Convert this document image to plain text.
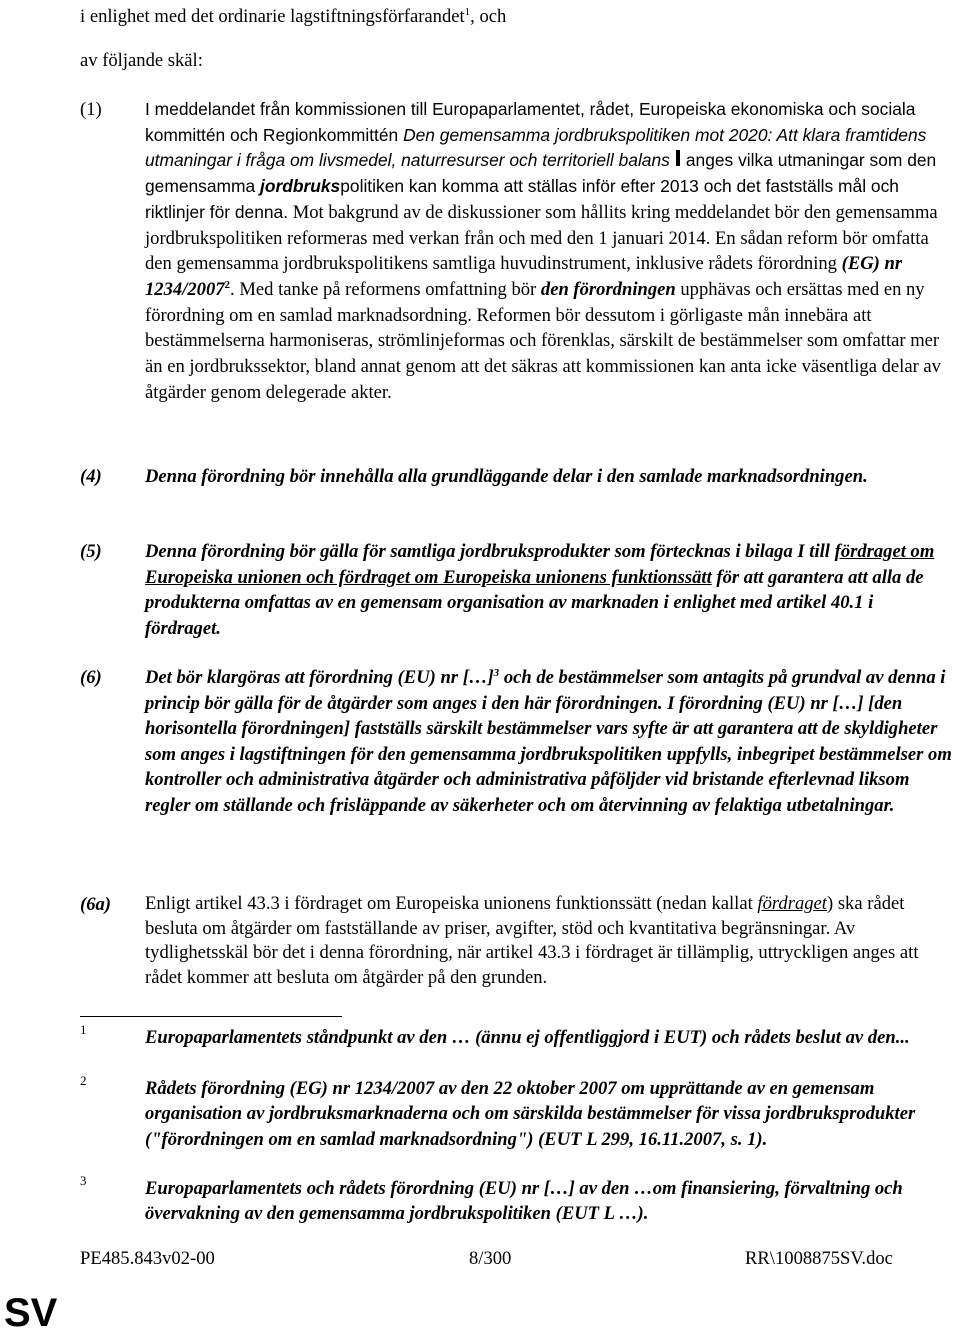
i enlighet med det ordinarie lagstiftningsförfarandet$^1$, och
av följande skäl:
(1) I meddelandet från kommissionen till Europaparlamentet, rådet, Europeiska ekonomiska och sociala kommittén och Regionkommittén Den gemensamma jordbrukspolitiken mot 2020: Att klara framtidens utmaningar i fråga om livsmedel, naturresurser och territoriell balans anges vilka utmaningar som den gemensamma jordbrukspolitiken kan komma att ställas inför efter 2013 och det fastställs mål och riktlinjer för denna. Mot bakgrund av de diskussioner som hållits kring meddelandet bör den gemensamma jordbrukspolitiken reformeras med verkan från och med den 1 januari 2014. En sådan reform bör omfatta den gemensamma jordbrukspolitikens samtliga huvudinstrument, inklusive rådets förordning (EG) nr 1234/2007$^2$. Med tanke på reformens omfattning bör den förordningen upphävas och ersättas med en ny förordning om en samlad marknadsordning. Reformen bör dessutom i görligaste mån innebära att bestämmelserna harmoniseras, strömlinjeformas och förenklas, särskilt de bestämmelser som omfattar mer än en jordbrukssektor, bland annat genom att det säkras att kommissionen kan anta icke väsentliga delar av åtgärder genom delegerade akter.
(4) Denna förordning bör innehålla alla grundläggande delar i den samlade marknadsordningen.
(5) Denna förordning bör gälla för samtliga jordbruksprodukter som förtecknas i bilaga I till fördraget om Europeiska unionen och fördraget om Europeiska unionens funktionssätt för att garantera att alla de produkterna omfattas av en gemensam organisation av marknaden i enlighet med artikel 40.1 i fördraget.
(6) Det bör klargöras att förordning (EU) nr […]$^3$ och de bestämmelser som antagits på grundval av denna i princip bör gälla för de åtgärder som anges i den här förordningen. I förordning (EU) nr […] [den horisontella förordningen] fastställs särskilt bestämmelser vars syfte är att garantera att de skyldigheter som anges i lagstiftningen för den gemensamma jordbrukspolitiken uppfylls, inbegripet bestämmelser om kontroller och administrativa åtgärder och administrativa påföljder vid bristande efterlevnad liksom regler om ställande och frisläppande av säkerheter och om återvinning av felaktiga utbetalningar.
(6a) Enligt artikel 43.3 i fördraget om Europeiska unionens funktionssätt (nedan kallat fördraget) ska rådet besluta om åtgärder om fastställande av priser, avgifter, stöd och kvantitativa begränsningar. Av tydlighetsskäl bör det i denna förordning, när artikel 43.3 i fördraget är tillämplig, uttryckligen anges att rådet kommer att besluta om åtgärder på den grunden.
1	Europaparlamentets ståndpunkt av den … (ännu ej offentliggjord i EUT) och rådets beslut av den...
2	Rådets förordning (EG) nr 1234/2007 av den 22 oktober 2007 om upprättande av en gemensam organisation av jordbruksmarknaderna och om särskilda bestämmelser för vissa jordbruksprodukter ("förordningen om en samlad marknadsordning") (EUT L 299, 16.11.2007, s. 1).
3	Europaparlamentets och rådets förordning (EU) nr […] av den …om finansiering, förvaltning och övervakning av den gemensamma jordbrukspolitiken (EUT L …).
PE485.843v02-00	8/300	RR\1008875SV.doc
SV
